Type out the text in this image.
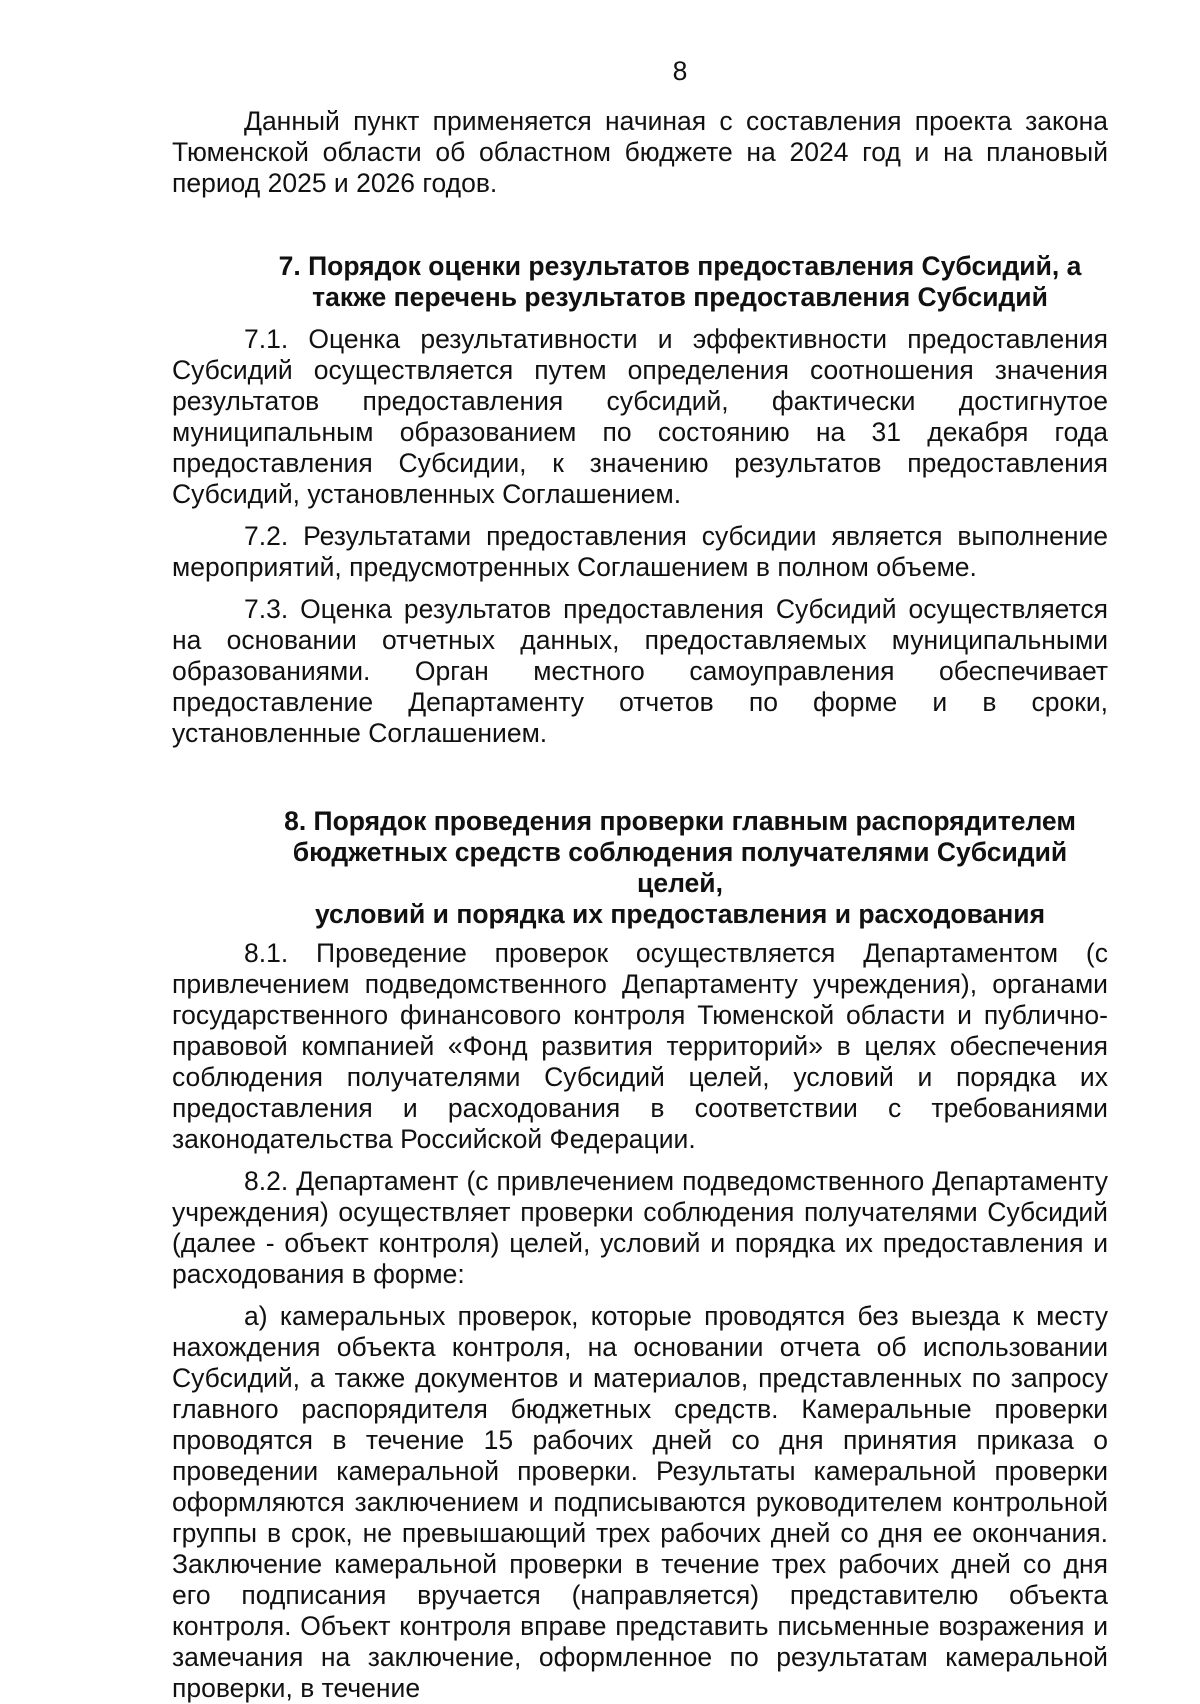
8

Данный пункт применяется начиная с составления проекта закона Тюменской области об областном бюджете на 2024 год и на плановый период 2025 и 2026 годов.

7. Порядок оценки результатов предоставления Субсидий, а также перечень результатов предоставления Субсидий

7.1. Оценка результативности и эффективности предоставления Субсидий осуществляется путем определения соотношения значения результатов предоставления субсидий, фактически достигнутое муниципальным образованием по состоянию на 31 декабря года предоставления Субсидии, к значению результатов предоставления Субсидий, установленных Соглашением.

7.2. Результатами предоставления субсидии является выполнение мероприятий, предусмотренных Соглашением в полном объеме.

7.3. Оценка результатов предоставления Субсидий осуществляется на основании отчетных данных, предоставляемых муниципальными образованиями. Орган местного самоуправления обеспечивает предоставление Департаменту отчетов по форме и в сроки, установленные Соглашением.

8. Порядок проведения проверки главным распорядителем
бюджетных средств соблюдения получателями Субсидий целей,
условий и порядка их предоставления и расходования

8.1. Проведение проверок осуществляется Департаментом (с привлечением подведомственного Департаменту учреждения), органами государственного финансового контроля Тюменской области и публично-правовой компанией «Фонд развития территорий» в целях обеспечения соблюдения получателями Субсидий целей, условий и порядка их предоставления и расходования в соответствии с требованиями законодательства Российской Федерации.

8.2. Департамент (с привлечением подведомственного Департаменту учреждения) осуществляет проверки соблюдения получателями Субсидий (далее - объект контроля) целей, условий и порядка их предоставления и расходования в форме:

а) камеральных проверок, которые проводятся без выезда к месту нахождения объекта контроля, на основании отчета об использовании Субсидий, а также документов и материалов, представленных по запросу главного распорядителя бюджетных средств. Камеральные проверки проводятся в течение 15 рабочих дней со дня принятия приказа о проведении камеральной проверки. Результаты камеральной проверки оформляются заключением и подписываются руководителем контрольной группы в срок, не превышающий трех рабочих дней со дня ее окончания. Заключение камеральной проверки в течение трех рабочих дней со дня его подписания вручается (направляется) представителю объекта контроля. Объект контроля вправе представить письменные возражения и замечания на заключение, оформленное по результатам камеральной проверки, в течение
